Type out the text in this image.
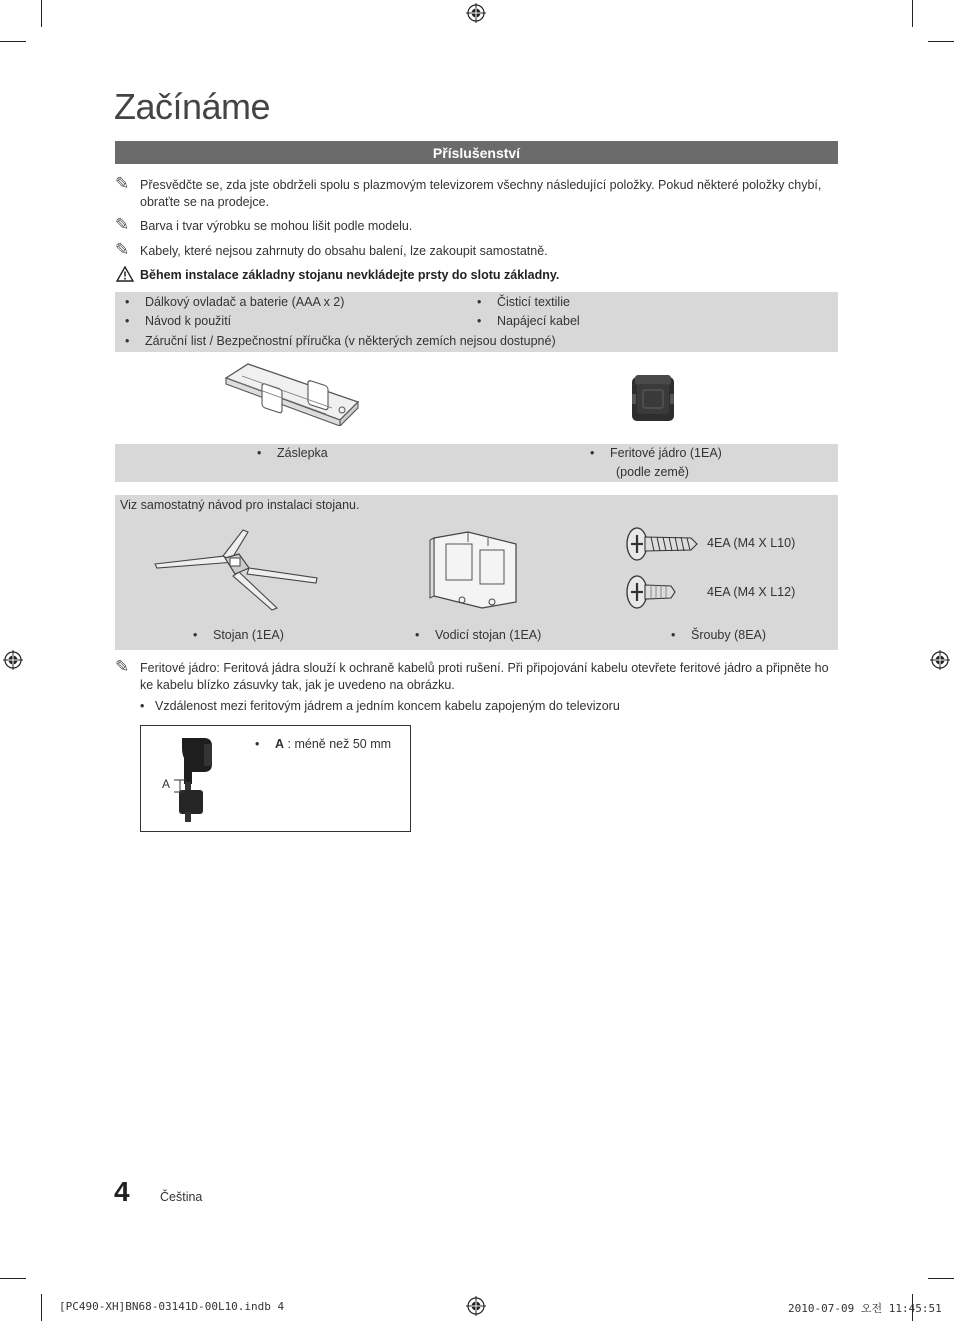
Začínáme
Příslušenství
✎ Přesvědčte se, zda jste obdrželi spolu s plazmovým televizorem všechny následující položky. Pokud některé položky chybí, obraťte se na prodejce.
✎ Barva i tvar výrobku se mohou lišit podle modelu.
✎ Kabely, které nejsou zahrnuty do obsahu balení, lze zakoupit samostatně.
Během instalace základny stojanu nevkládejte prsty do slotu základny.
• Dálkový ovladač a baterie (AAA x 2)
• Návod k použití
• Čisticí textilie
• Napájecí kabel
• Záruční list / Bezpečnostní příručka (v některých zemích nejsou dostupné)
• Záslepka	• Feritové jádro (1EA)
(podle země)
Viz samostatný návod pro instalaci stojanu.
4EA (M4 X L10)
4EA (M4 X L12)
• Stojan (1EA)	• Vodicí stojan (1EA)	• Šrouby (8EA)
✎ Feritové jádro: Feritová jádra slouží k ochraně kabelů proti rušení. Při připojování kabelu otevřete feritové jádro a připněte ho ke kabelu blízko zásuvky tak, jak je uvedeno na obrázku.
• Vzdálenost mezi feritovým jádrem a jedním koncem kabelu zapojeným do televizoru
A
• A : méně než 50 mm
4 Čeština
[PC490-XH]BN68-03141D-00L10.indb 4	2010-07-09 오전 11:45:51
